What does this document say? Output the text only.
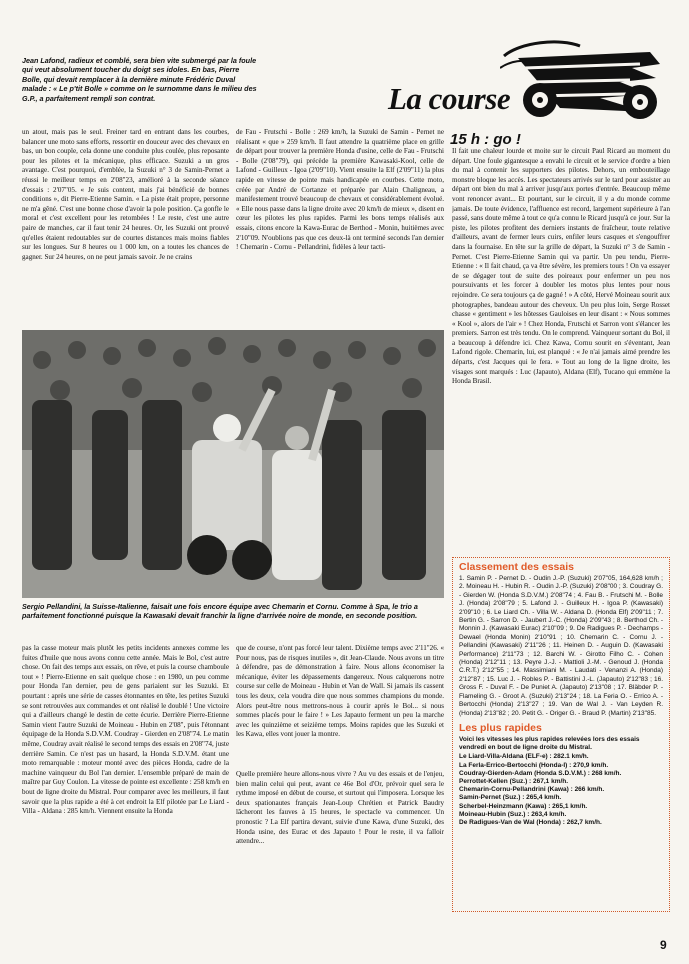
Jean Lafond, radieux et comblé, sera bien vite submergé par la foule qui veut absolument toucher du doigt ses idoles. En bas, Pierre Bolle, qui devait remplacer à la dernière minute Frédéric Duval malade : « Le p'tit Bolle » comme on le surnomme dans le milieu des G.P., a parfaitement rempli son contrat.	La course
15 h : go !
un atout, mais pas le seul. Freiner tard en entrant dans les courbes, balancer une moto sans efforts, ressortir en douceur avec des chevaux en bas, un bon couple, cela donne une conduite plus coulée, plus reposante pour les pilotes et la mécanique, plus efficace. Suzuki a un gros avantage. C'est pourquoi, d'emblée, la Suzuki n° 3 de Samin-Pernet a réussi le meilleur temps en 2'08"23, amélioré à la seconde séance d'essais : 2'07"05. « Je suis content, mais j'ai bénéficié de bonnes conditions », dit Pierre-Etienne Samin. « La piste était propre, personne ne m'a gêné. C'est une bonne chose d'avoir la pole position. Ça gonfle le moral et c'est excellent pour les retombées ! Le reste, c'est une autre paire de manches, car il faut tenir 24 heures. Or, les Suzuki ont prouvé qu'elles étaient redoutables sur de courtes distances mais moins fiables sur les longues. Sur 8 heures ou 1 000 km, on a toutes les chances de gagner. Sur 24 heures, on ne peut jamais savoir. Je ne crains
de Fau - Frutschi - Bolle : 269 km/h, la Suzuki de Samin - Pernet ne réalisant « que » 259 km/h. Il faut attendre la quatrième place en grille de départ pour trouver la première Honda d'usine, celle de Fau - Frutschi - Bolle (2'08"79), qui précède la première Kawasaki-Kool, celle de Lafond - Guilleux - Igoa (2'09"10). Vient ensuite la Elf (2'09"11) la plus rapide en vitesse de pointe mais handicapée en courbes. Cette moto, créée par André de Cortanze et préparée par Alain Chaligneau, a manifestement trouvé beaucoup de chevaux et considérablement évolué. « Elle nous passe dans la ligne droite avec 20 km/h de mieux », disent en cœur les pilotes les plus rapides. Parmi les bons temps réalisés aux essais, citons encore la Kawa-Eurac de Berthod - Monin, huitièmes avec 2'10"09. N'oublions pas que ces deux-là ont terminé seconds l'an dernier ! Chemarin - Cornu - Pellandrini, fidèles à leur tacti-
Il fait une chaleur lourde et moite sur le circuit Paul Ricard au moment du départ. Une foule gigantesque a envahi le circuit et le service d'ordre a bien du mal à contenir les supporters des pilotes. Dehors, un embouteillage monstre bloque les accès. Les spectateurs arrivés sur le tard pour assister au départ ont bien du mal à arriver jusqu'aux portes d'entrée. Beaucoup même vont renoncer avant... Et pourtant, sur le circuit, il y a du monde comme jamais. De toute évidence, l'affluence est record, largement supérieure à l'an passé, sans doute même à tout ce qu'a connu le Ricard jusqu'à ce jour. Sur la piste, les pilotes profitent des derniers instants de fraîcheur, toute relative d'ailleurs, avant de fermer leurs cuirs, enfiler leurs casques et s'engouffrer dans la fournaise. En tête sur la grille de départ, la Suzuki n° 3 de Samin - Pernet. C'est Pierre-Etienne Samin qui va partir. Un peu tendu, Pierre-Etienne : « Il fait chaud, ça va être sévère, les premiers tours ! On va essayer de se dégager tout de suite des poireaux pour enfermer un peu nos poursuivants et les forcer à doubler les motos plus lentes pour nous rejoindre. Ce sera toujours ça de gagné ! » A côté, Hervé Moineau sourit aux photographes, bandeau autour des cheveux. Un peu plus loin, Serge Rosset chasse « gentiment » les hôtesses Gauloises en leur disant : « Nous sommes « Kool », alors de l'air » ! Chez Honda, Frutschi et Sarron vont s'élancer les premiers. Sarron est très tendu. On le comprend. Vainqueur sortant du Bol, il a beaucoup à défendre ici. Chez Kawa, Cornu sourit en s'éventant, Jean Lafond rigole. Chemarin, lui, est planqué : « Je n'ai jamais aimé prendre les départs, c'est Jacques qui le fera. » Tout au long de la ligne droite, les visages sont marqués : Luc (Japauto), Aldana (Elf), Tucano qui emmène la Honda Brasil.
Sergio Pellandini, la Suisse-Italienne, faisait une fois encore équipe avec Chemarin et Cornu. Comme à Spa, le trio a parfaitement fonctionné puisque la Kawasaki devait franchir la ligne d'arrivée noire de monde, en seconde position.
pas la casse moteur mais plutôt les petits incidents annexes comme les fuites d'huile que nous avons connu cette année. Mais le Bol, c'est autre chose. On fait des temps aux essais, on rêve, et puis la course chamboule tout » ! Pierre-Etienne en sait quelque chose : en 1980, un peu comme pour Honda l'an dernier, peu de gens pariaient sur les Suzuki. Et pourtant : après une série de casses étonnantes en tête, les petites Suzuki se sont retrouvées aux commandes et ont réalisé le doublé ! Une victoire qui a d'ailleurs changé le destin de cette écurie. Derrière Pierre-Etienne Samin vient l'autre Suzuki de Moineau - Hubin en 2'08", puis l'étonnant équipage de la Honda S.D.V.M. Coudray - Gierden en 2'08"74. Le matin même, Coudray avait réalisé le second temps des essais en 2'08"74, juste derrière Samin. Ce n'est pas un hasard, la Honda S.D.V.M. étant une moto remarquable : moteur monté avec des pièces Honda, cadre de la machine vainqueur du Bol l'an dernier. L'ensemble préparé de main de maître par Guy Coulon. La vitesse de pointe est excellente : 258 km/h en bout de ligne droite du Mistral. Pour comparer avec les meilleurs, il faut savoir que la plus rapide a été à cet endroit la Elf pilotée par Le Liard - Villa - Aldana : 285 km/h. Viennent ensuite la Honda
que de course, n'ont pas forcé leur talent. Dixième temps avec 2'11"26. « Pour nous, pas de risques inutiles », dit Jean-Claude. Nous avons un titre à défendre, pas de démonstration à faire. Nous allons économiser la mécanique, éviter les dépassements dangereux. Nous calquerons notre course sur celle de Moineau - Hubin et Van de Wall. Si jamais ils cassent tous les deux, cela voudra dire que nous sommes champions du monde. Alors peut-être nous mettrons-nous à courir après le Bol... si nous sommes placés pour le faire ! » Les Japauto ferment un peu la marche avec les quinzième et seizième temps. Moins rapides que les Suzuki et les Kawa, elles vont jouer la montre.
Quelle première heure allons-nous vivre ? Au vu des essais et de l'enjeu, bien malin celui qui peut, avant ce 46e Bol d'Or, prévoir quel sera le rythme imposé en début de course, et surtout qui l'imposera. Lorsque les deux spationautes français Jean-Loup Chrétien et Patrick Baudry lâcheront les fauves à 15 heures, le spectacle va commencer. Un pronostic ? La Elf partira devant, suivie d'une Kawa, d'une Suzuki, des Honda usine, des Eurac et des Japauto ! Pour le reste, il va falloir attendre...
Classement des essais

1. Samin P. - Pernet D. - Oudin J.-P. (Suzuki) 2'07"05, 164,628 km/h ; 2. Moineau H. - Hubin R. - Oudin J.-P. (Suzuki) 2'08"00 ; 3. Coudray G. - Gierden W. (Honda S.D.V.M.) 2'08"74 ; 4. Fau B. - Frutschi M. - Bolle J. (Honda) 2'08"79 ; 5. Lafond J. - Guilleux H. - Igoa P. (Kawasaki) 2'09"10 ; 6. Le Liard Ch. - Villa W. - Aldana D. (Honda Elf) 2'09"11 ; 7. Bertin G. - Sarron D. - Jaubert J.-C. (Honda) 2'09"43 ; 8. Berthod Ch. - Monnin J. (Kawasaki Eurac) 2'10"09 ; 9. De Radigues P. - Dechamps - Dewael (Honda Monin) 2'10"91 ; 10. Chemarin C. - Cornu J. - Pellandini (Kawasaki) 2'11"26 ; 11. Heinen D. - Auguin D. (Kawasaki Performance) 2'11"73 ; 12. Barchi W. - Girotto Filho C. - Cohen (Honda) 2'12"11 ; 13. Peyre J.-J. - Mattioli J.-M. - Genoud J. (Honda C.R.T.) 2'12"55 ; 14. Massimiani M. - Laudati - Venanzi A. (Honda) 2'12"87 ; 15. Luc J. - Robles P. - Battistini J.-L. (Japauto) 2'12"83 ; 16. Gross F. - Duval F. - De Puniet A. (Japauto) 2'13"08 ; 17. Bläbder P. - Flameling G. - Groot A. (Suzuki) 2'13"24 ; 18. La Feria O. - Errico A. - Bertocchi (Honda) 2'13"27 ; 19. Van de Wal J. - Van Leyden R. (Honda) 2'13"82 ; 20. Petit G. - Origer G. - Braud P. (Martin) 2'13"85.

Les plus rapides

Voici les vitesses les plus rapides relevées lors des essais vendredi en bout de ligne droite du Mistral.

Le Liard-Villa-Aldana (ELF-e) : 282.1 km/h.

La Ferla-Errico-Bertocchi (Honda-I) : 270,9 km/h.

Coudray-Gierden-Adam (Honda S.D.V.M.) : 268 km/h.

Perrottet-Kellen (Suz.) : 267,1 km/h.

Chemarin-Cornu-Pellandrini (Kawa) : 266 km/h.

Samin-Pernet (Suz.) : 265,4 km/h.

Scherbel-Heinzmann (Kawa) : 265,1 km/h.

Moineau-Hubin (Suz.) : 263,4 km/h.

De Radigues-Van de Wal (Honda) : 262,7 km/h.

9
